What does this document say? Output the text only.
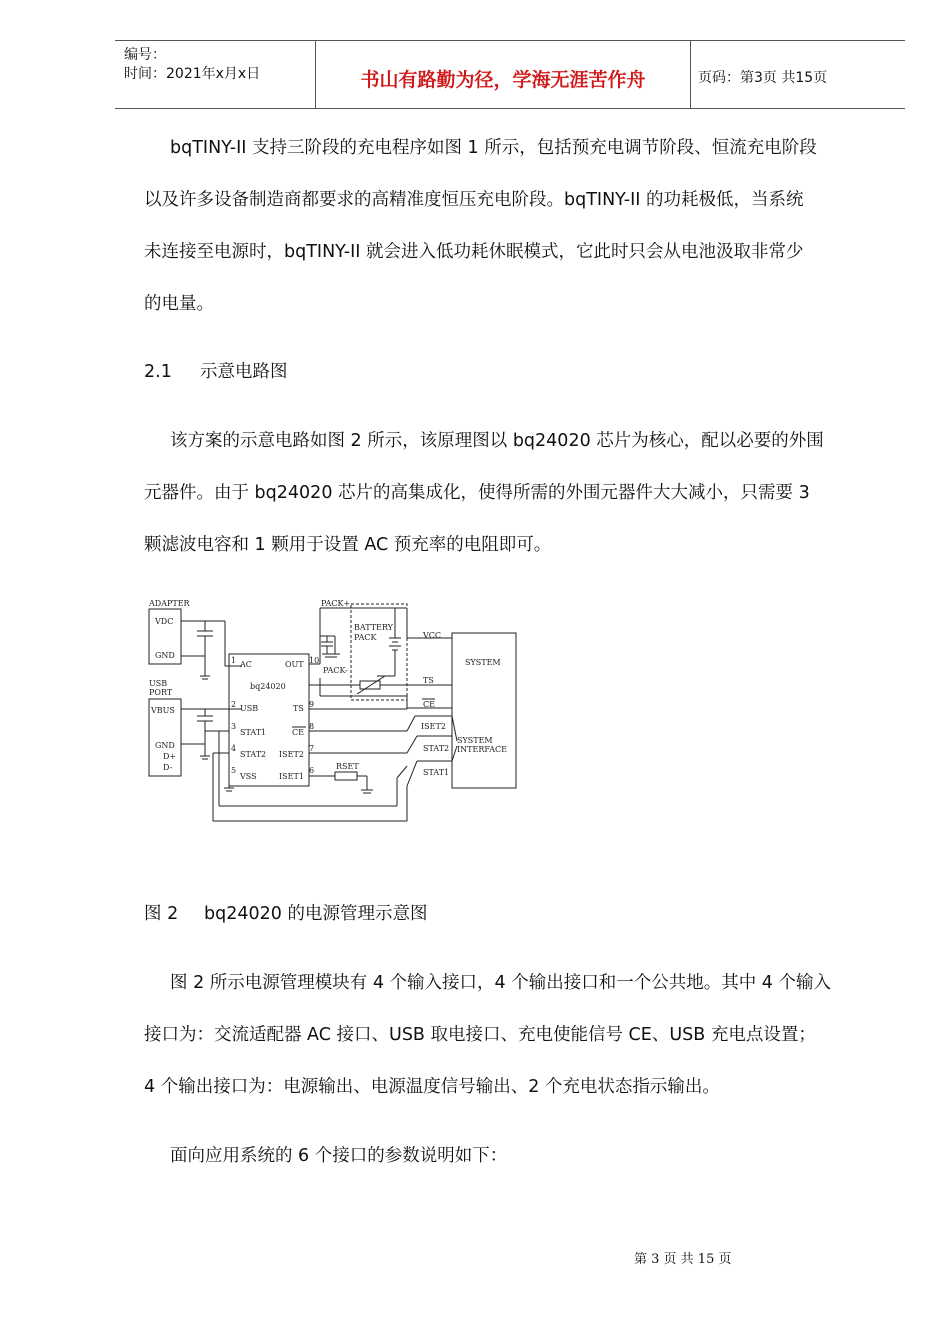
编号：
时间：2021年x月x日	书山有路勤为径，学海无涯苦作舟	页码：第3页 共15页
bqTINY-II 支持三阶段的充电程序如图 1 所示，包括预充电调节阶段、恒流充电阶段
以及许多设备制造商都要求的高精准度恒压充电阶段。bqTINY-II 的功耗极低，当系统
未连接至电源时，bqTINY-II 就会进入低功耗休眠模式，它此时只会从电池汲取非常少
的电量。
2.1 示意电路图
该方案的示意电路如图 2 所示，该原理图以 bq24020 芯片为核心，配以必要的外围
元器件。由于 bq24020 芯片的高集成化，使得所需的外围元器件大大减小，只需要 3
颗滤波电容和 1 颗用于设置 AC 预充率的电阻即可。
ADAPTER
VDC
GND
USB
PORT
VBUS
GND
D+
D-
bq24020
AC
USB
STAT1
STAT2
VSS
OUT
TS
CE
ISET2
ISET1
1
2
3
4
5
10
9
8
7
6
PACK+
PACK-
BATTERY
PACK	VCC
TS
CE
ISET2
STAT2
RSET
STAT1
SYSTEM
SYSTEM
INTERFACE
图 2 bq24020 的电源管理示意图
图 2 所示电源管理模块有 4 个输入接口，4 个输出接口和一个公共地。其中 4 个输入
接口为：交流适配器 AC 接口、USB 取电接口、充电使能信号 CE、USB 充电点设置；
4 个输出接口为：电源输出、电源温度信号输出、2 个充电状态指示输出。
面向应用系统的 6 个接口的参数说明如下：
第 3 页 共 15 页
